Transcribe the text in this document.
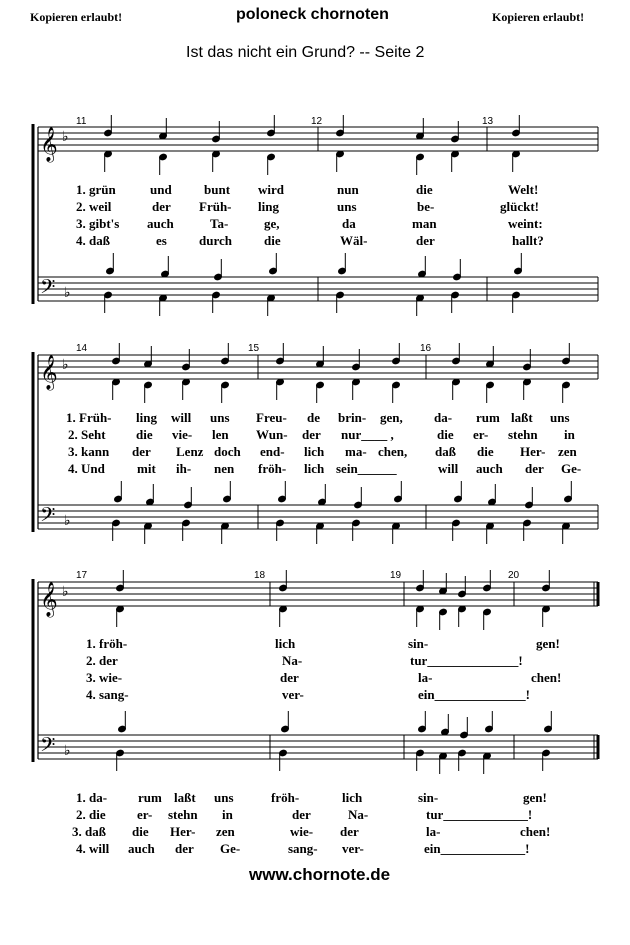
Kopieren erlaubt!	poloneck chornoten	Kopieren erlaubt!
Ist das nicht ein Grund? -- Seite 2
𝄞
𝄢
♭
♭
𝄞
𝄢
♭
♭
𝄞
𝄢
♭
♭
11	12	13
14	15	16
17	18	19	20
1. grün	und bunt wird	nun	die	Welt!
2. weil	der Früh- ling	uns	be-	glückt!
3. gibt's auch	Ta-	ge,	da	man	weint:
4. daß	es durch die	Wäl-	der	hallt?
1. Früh- ling will uns Freu- de brin- gen, da- rum laßt uns
2. Seht die vie- len Wun- der nur____ ,	die er- stehn in
3. kann der Lenz doch end- lich ma- chen, daß die Her- zen
4. Und mit ih- nen fröh- lich sein______	will auch der Ge-
1. fröh-	lich	sin-	gen!
2. der	Na-	tur______________!
3. wie-	der	la-	chen!
4. sang-	ver-	ein______________!
1. da- rum laßt uns	fröh-	lich	sin-	gen!
2. die er- stehn in	der	Na-	tur_____________!
3. daß die Her- zen	wie- der	la-	chen!
4. will auch der Ge-	sang- ver-	ein_____________!
www.chornote.de
